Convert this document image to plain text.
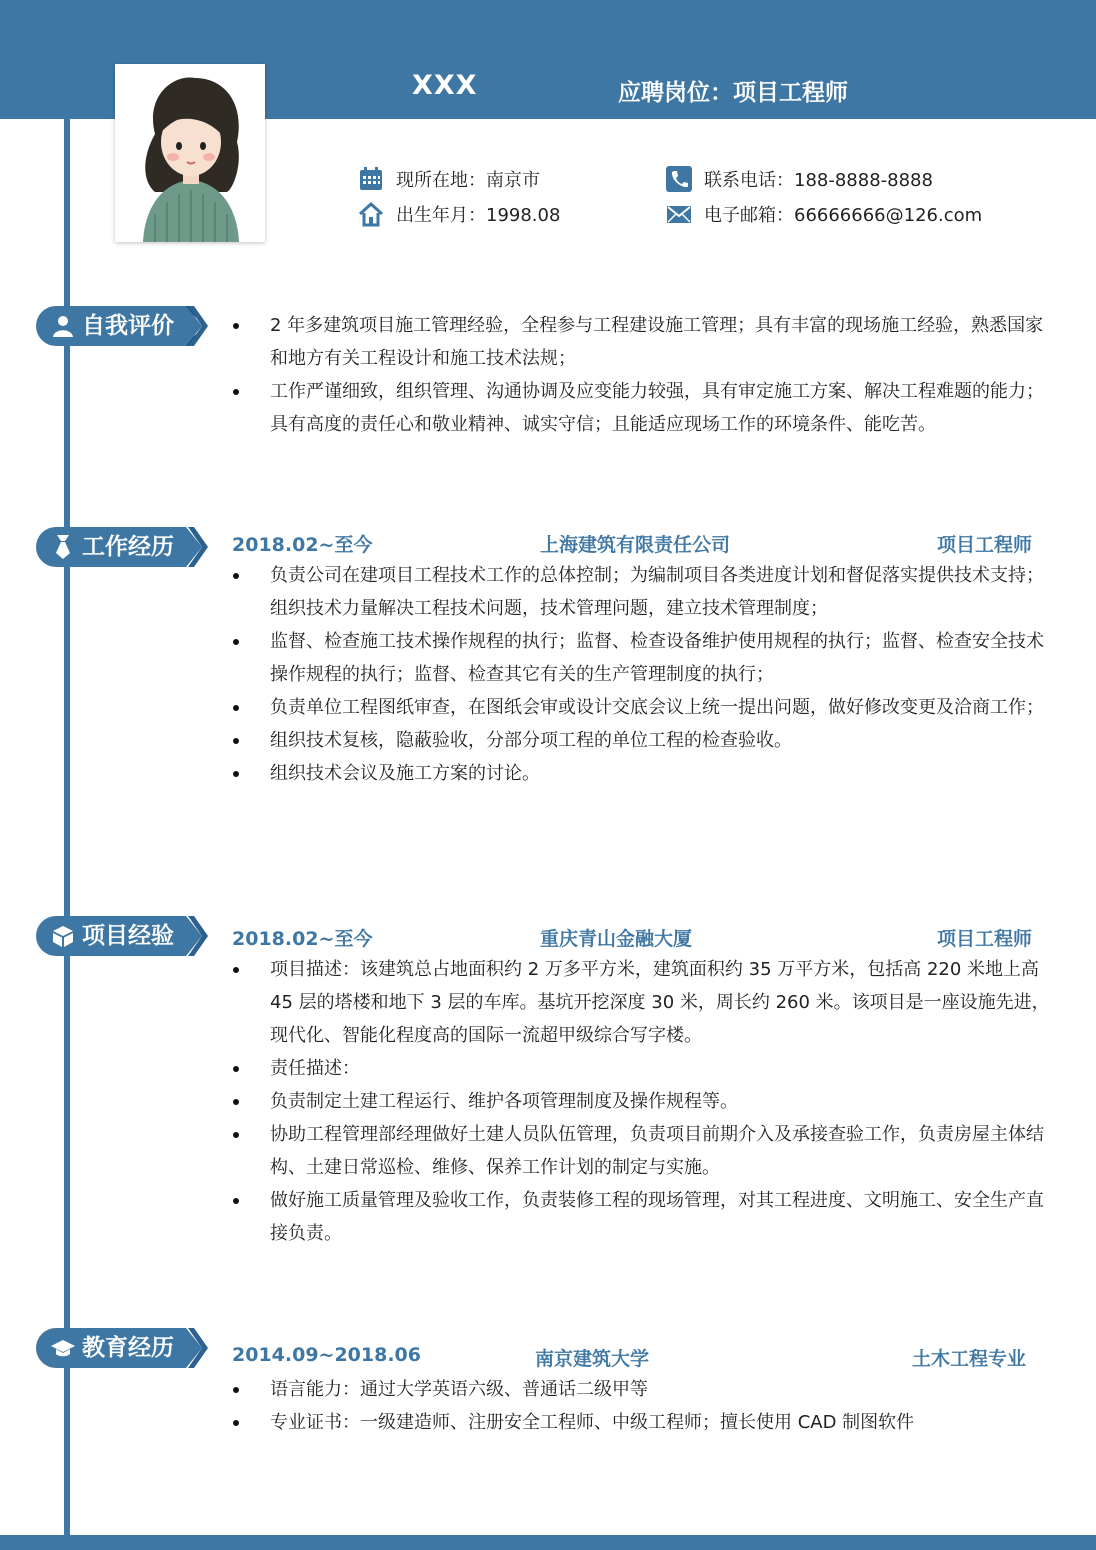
XXX	应聘岗位：项目工程师
现所在地：南京市
出生年月：1998.08
联系电话：188-8888-8888
电子邮箱：66666666@126.com
自我评价	2 年多建筑项目施工管理经验，全程参与工程建设施工管理；具有丰富的现场施工经验，熟悉国家和地方有关工程设计和施工技术法规；
工作严谨细致，组织管理、沟通协调及应变能力较强，具有审定施工方案、解决工程难题的能力；具有高度的责任心和敬业精神、诚实守信；且能适应现场工作的环境条件、能吃苦。
工作经历	2018.02~至今	上海建筑有限责任公司	项目工程师
负责公司在建项目工程技术工作的总体控制；为编制项目各类进度计划和督促落实提供技术支持；组织技术力量解决工程技术问题，技术管理问题，建立技术管理制度；
监督、检查施工技术操作规程的执行；监督、检查设备维护使用规程的执行；监督、检查安全技术操作规程的执行；监督、检查其它有关的生产管理制度的执行；
负责单位工程图纸审查，在图纸会审或设计交底会议上统一提出问题，做好修改变更及洽商工作；
组织技术复核，隐蔽验收，分部分项工程的单位工程的检查验收。
组织技术会议及施工方案的讨论。
项目经验	2018.02~至今	重庆青山金融大厦	项目工程师
项目描述：该建筑总占地面积约 2 万多平方米，建筑面积约 35 万平方米，包括高 220 米地上高 45 层的塔楼和地下 3 层的车库。基坑开挖深度 30 米，周长约 260 米。该项目是一座设施先进，现代化、智能化程度高的国际一流超甲级综合写字楼。
责任描述：
负责制定土建工程运行、维护各项管理制度及操作规程等。
协助工程管理部经理做好土建人员队伍管理，负责项目前期介入及承接查验工作，负责房屋主体结构、土建日常巡检、维修、保养工作计划的制定与实施。
做好施工质量管理及验收工作，负责装修工程的现场管理，对其工程进度、文明施工、安全生产直接负责。
教育经历	2014.09~2018.06	南京建筑大学	土木工程专业
语言能力：通过大学英语六级、普通话二级甲等
专业证书：一级建造师、注册安全工程师、中级工程师；擅长使用 CAD 制图软件
